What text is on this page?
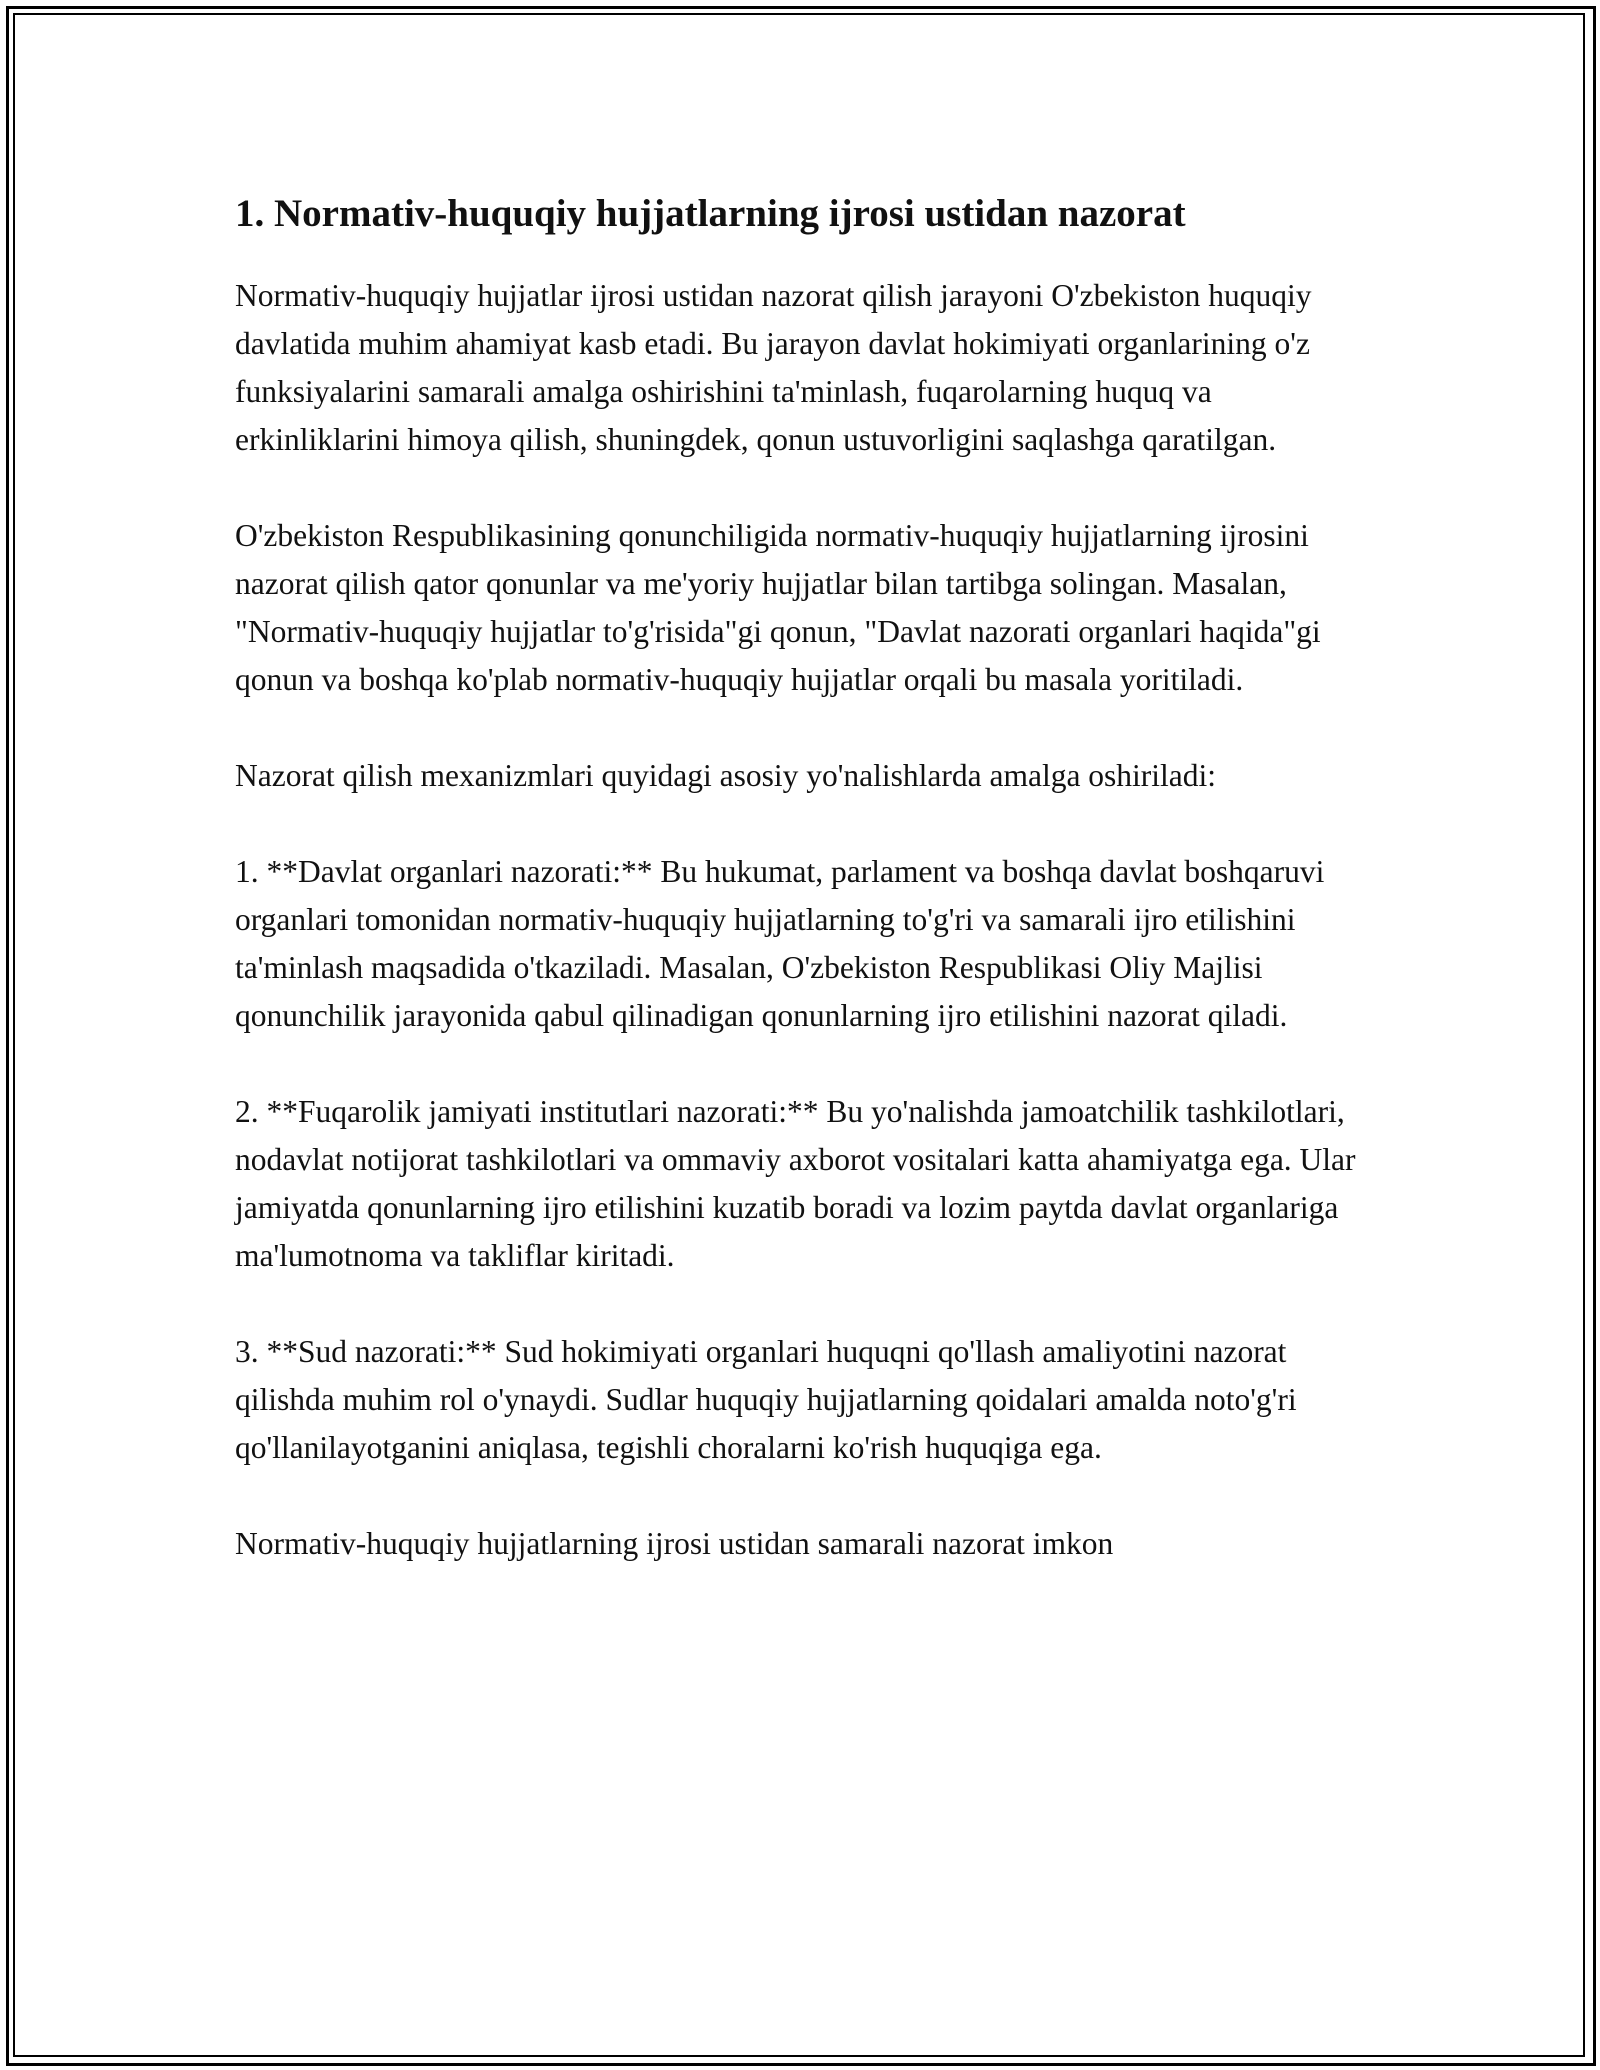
1. Normativ-huquqiy hujjatlarning ijrosi ustidan nazorat

Normativ-huquqiy hujjatlar ijrosi ustidan nazorat qilish jarayoni O'zbekiston huquqiy davlatida muhim ahamiyat kasb etadi. Bu jarayon davlat hokimiyati organlarining o'z funksiyalarini samarali amalga oshirishini ta'minlash, fuqarolarning huquq va erkinliklarini himoya qilish, shuningdek, qonun ustuvorligini saqlashga qaratilgan.

O'zbekiston Respublikasining qonunchiligida normativ-huquqiy hujjatlarning ijrosini nazorat qilish qator qonunlar va me'yoriy hujjatlar bilan tartibga solingan. Masalan, "Normativ-huquqiy hujjatlar to'g'risida"gi qonun, "Davlat nazorati organlari haqida"gi qonun va boshqa ko'plab normativ-huquqiy hujjatlar orqali bu masala yoritiladi.

Nazorat qilish mexanizmlari quyidagi asosiy yo'nalishlarda amalga oshiriladi:

1. **Davlat organlari nazorati:** Bu hukumat, parlament va boshqa davlat boshqaruvi organlari tomonidan normativ-huquqiy hujjatlarning to'g'ri va samarali ijro etilishini ta'minlash maqsadida o'tkaziladi. Masalan, O'zbekiston Respublikasi Oliy Majlisi qonunchilik jarayonida qabul qilinadigan qonunlarning ijro etilishini nazorat qiladi.

2. **Fuqarolik jamiyati institutlari nazorati:** Bu yo'nalishda jamoatchilik tashkilotlari, nodavlat notijorat tashkilotlari va ommaviy axborot vositalari katta ahamiyatga ega. Ular jamiyatda qonunlarning ijro etilishini kuzatib boradi va lozim paytda davlat organlariga ma'lumotnoma va takliflar kiritadi.

3. **Sud nazorati:** Sud hokimiyati organlari huquqni qo'llash amaliyotini nazorat qilishda muhim rol o'ynaydi. Sudlar huquqiy hujjatlarning qoidalari amalda noto'g'ri qo'llanilayotganini aniqlasa, tegishli choralarni ko'rish huquqiga ega.

Normativ-huquqiy hujjatlarning ijrosi ustidan samarali nazorat imkon
